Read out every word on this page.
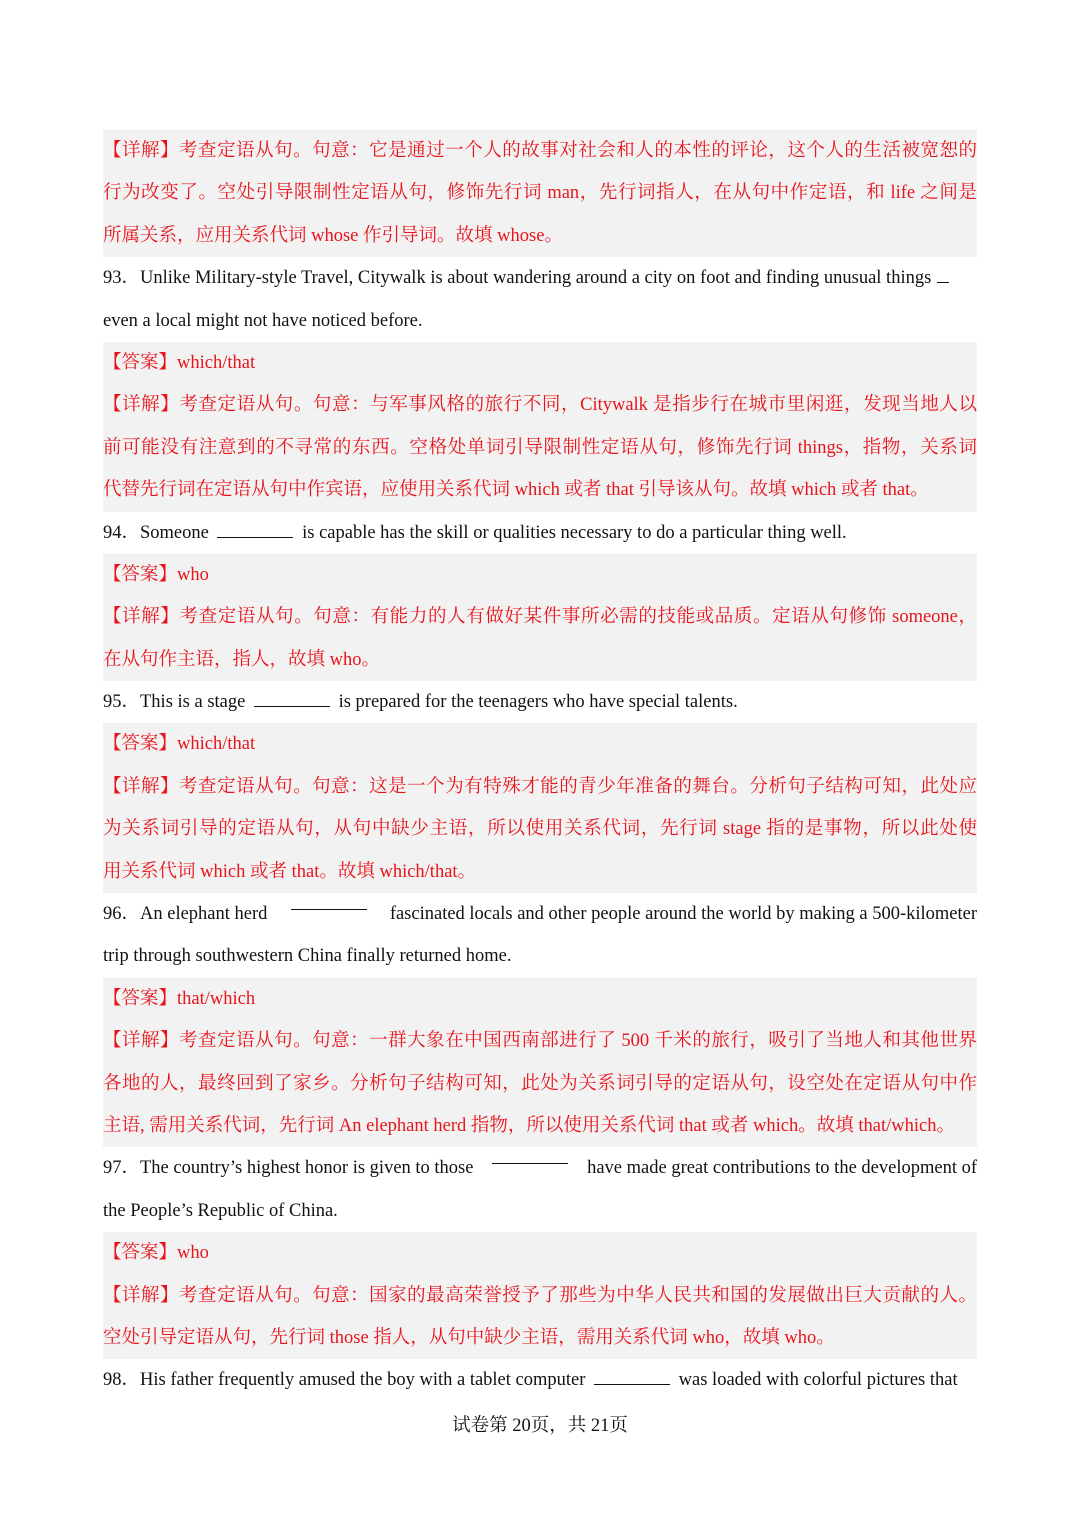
【详解】考查定语从句。句意：它是通过一个人的故事对社会和人的本性的评论，这个人的生活被宽恕的
行为改变了。空处引导限制性定语从句，修饰先行词 man，先行词指人，在从句中作定语，和 life 之间是
所属关系，应用关系代词 whose 作引导词。故填 whose。
93．Unlike Military-style Travel, Citywalk is about wandering around a city on foot and finding unusual things
even a local might not have noticed before.
【答案】which/that
【详解】考查定语从句。句意：与军事风格的旅行不同，Citywalk 是指步行在城市里闲逛，发现当地人以
前可能没有注意到的不寻常的东西。空格处单词引导限制性定语从句，修饰先行词 things，指物，关系词
代替先行词在定语从句中作宾语，应使用关系代词 which 或者 that 引导该从句。故填 which 或者 that。
94．Someone	is capable has the skill or qualities necessary to do a particular thing well.
【答案】who
【详解】考查定语从句。句意：有能力的人有做好某件事所必需的技能或品质。定语从句修饰 someone，
在从句作主语，指人，故填 who。
95．This is a stage	is prepared for the teenagers who have special talents.
【答案】which/that
【详解】考查定语从句。句意：这是一个为有特殊才能的青少年准备的舞台。分析句子结构可知，此处应
为关系词引导的定语从句，从句中缺少主语，所以使用关系代词，先行词 stage 指的是事物，所以此处使
用关系代词 which 或者 that。故填 which/that。
96．An elephant herd	fascinated locals and other people around the world by making a 500-kilometer
trip through southwestern China finally returned home.
【答案】that/which
【详解】考查定语从句。句意：一群大象在中国西南部进行了 500 千米的旅行，吸引了当地人和其他世界
各地的人，最终回到了家乡。分析句子结构可知，此处为关系词引导的定语从句，设空处在定语从句中作
主语, 需用关系代词，先行词 An elephant herd 指物，所以使用关系代词 that 或者 which。故填 that/which。
97．The country’s highest honor is given to those	have made great contributions to the development of
the People’s Republic of China.
【答案】who
【详解】考查定语从句。句意：国家的最高荣誉授予了那些为中华人民共和国的发展做出巨大贡献的人。
空处引导定语从句，先行词 those 指人，从句中缺少主语，需用关系代词 who，故填 who。
98．His father frequently amused the boy with a tablet computer	was loaded with colorful pictures that
试卷第 20页，共 21页
